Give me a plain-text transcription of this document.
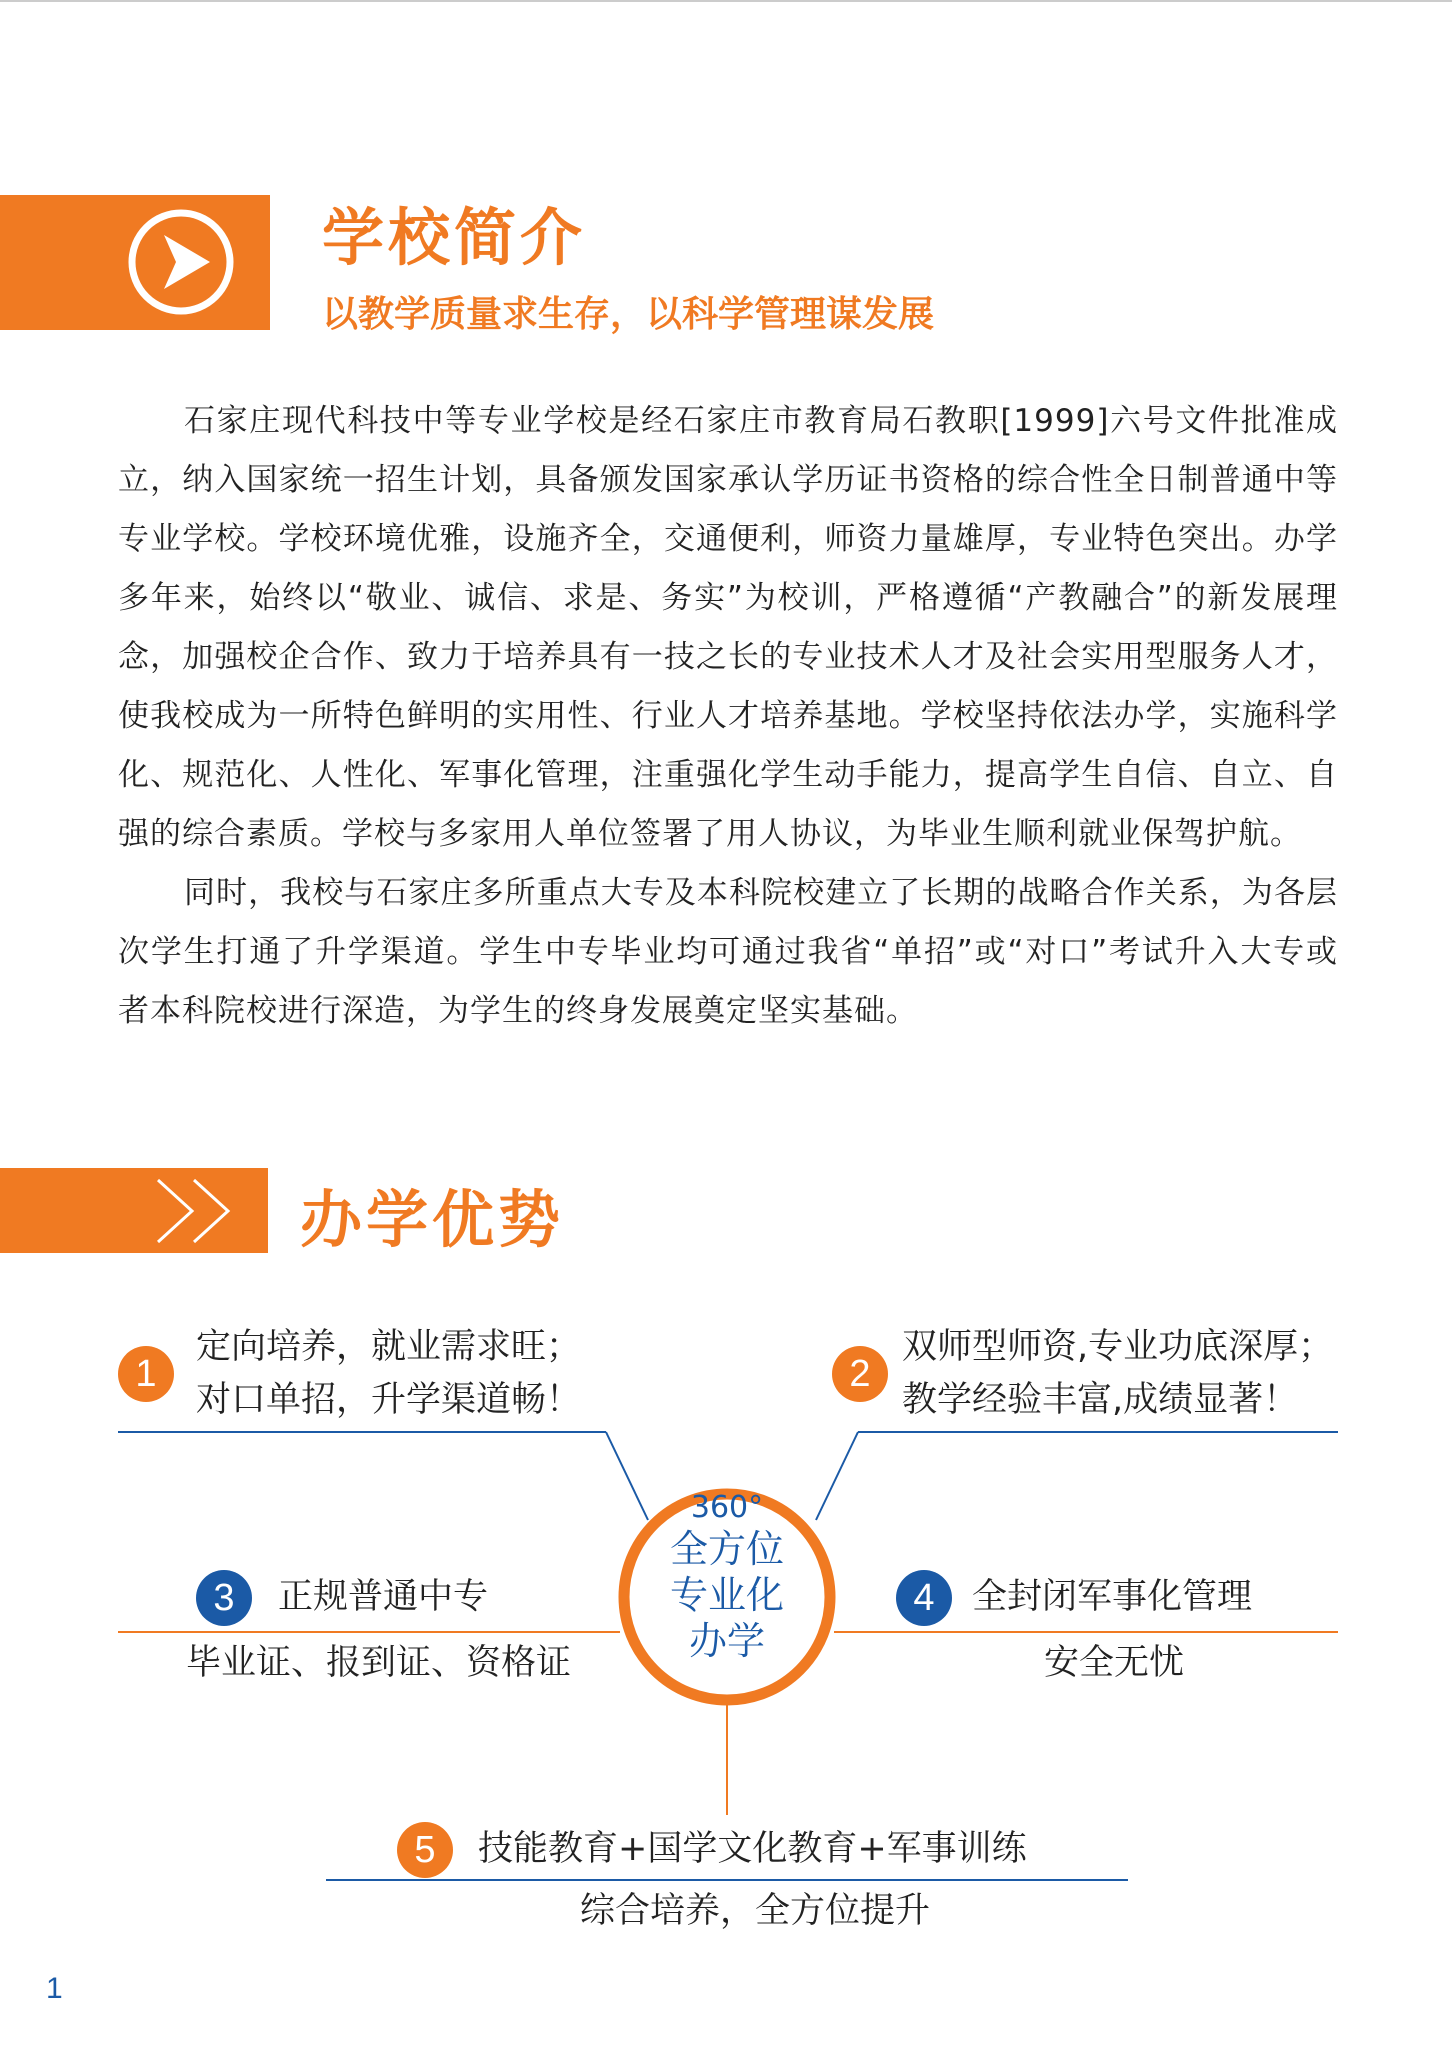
学校简介
以教学质量求生存，以科学管理谋发展

石家庄现代科技中等专业学校是经石家庄市教育局石教职[1999]六号文件批准成立，纳入国家统一招生计划，具备颁发国家承认学历证书资格的综合性全日制普通中等专业学校。学校环境优雅，设施齐全，交通便利，师资力量雄厚，专业特色突出。办学多年来，始终以“敬业、诚信、求是、务实”为校训，严格遵循“产教融合”的新发展理念，加强校企合作、致力于培养具有一技之长的专业技术人才及社会实用型服务人才，使我校成为一所特色鲜明的实用性、行业人才培养基地。学校坚持依法办学，实施科学化、规范化、人性化、军事化管理，注重强化学生动手能力，提高学生自信、自立、自强的综合素质。学校与多家用人单位签署了用人协议，为毕业生顺利就业保驾护航。

同时，我校与石家庄多所重点大专及本科院校建立了长期的战略合作关系，为各层次学生打通了升学渠道。学生中专毕业均可通过我省“单招”或“对口”考试升入大专或者本科院校进行深造，为学生的终身发展奠定坚实基础。

办学优势
360°
全方位
专业化
办学
1
定向培养，就业需求旺；
对口单招，升学渠道畅！
2
双师型师资,专业功底深厚；
教学经验丰富,成绩显著！
3	正规普通中专
毕业证、报到证、资格证
4	全封闭军事化管理
安全无忧
5	技能教育+国学文化教育+军事训练
综合培养，全方位提升
1
